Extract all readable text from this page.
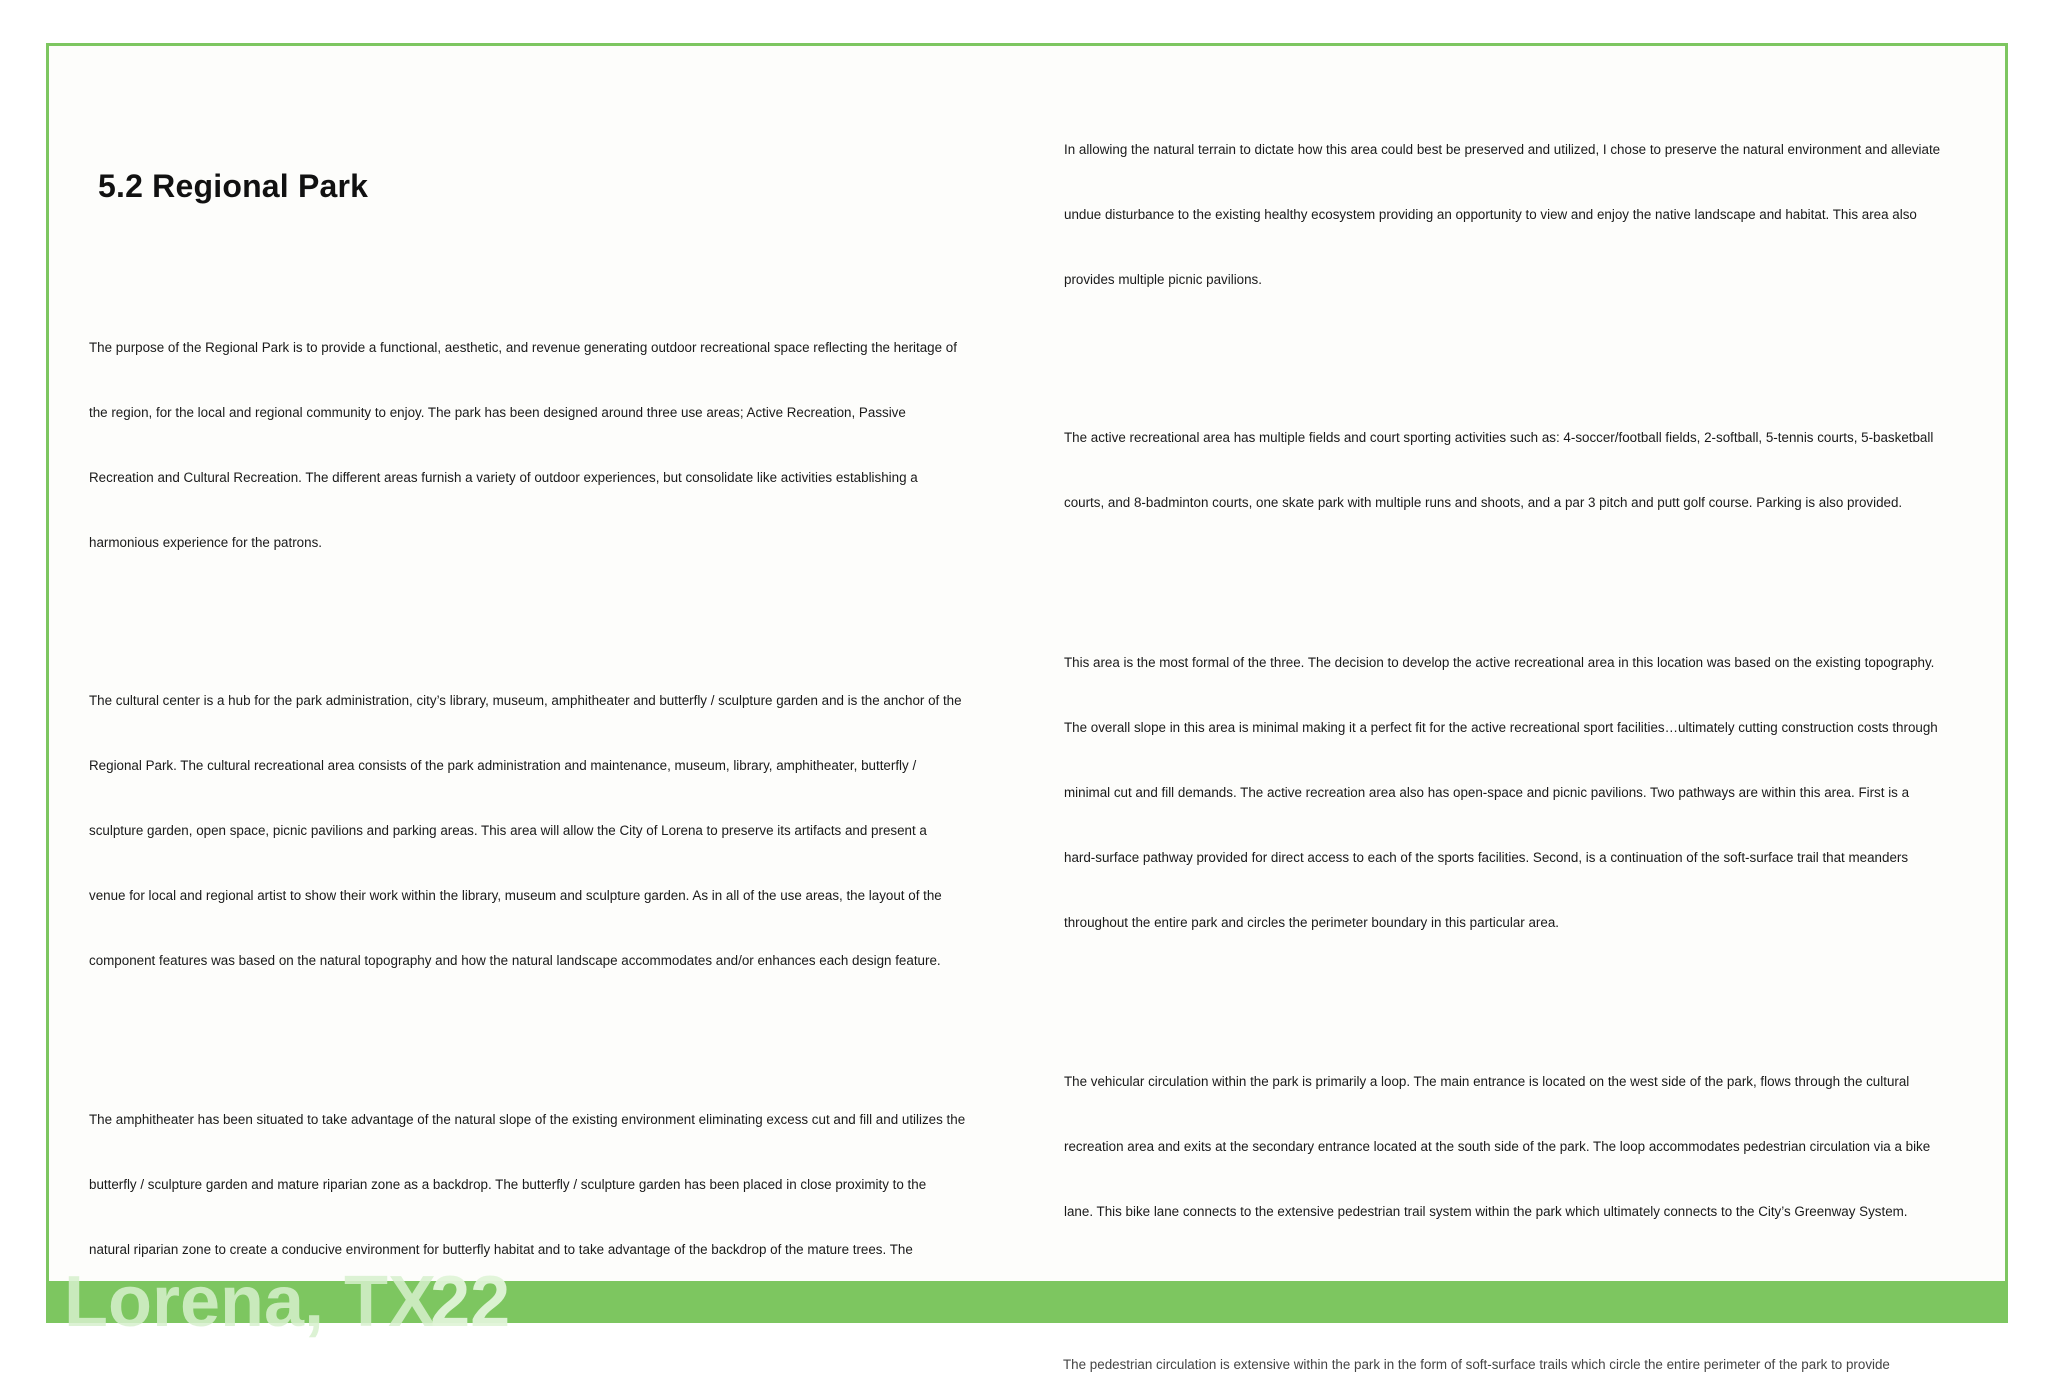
5.2 Regional Park
The purpose of the Regional Park is to provide a functional, aesthetic, and revenue generating outdoor recreational space reflecting the heritage of
the region, for the local and regional community to enjoy. The park has been designed around three use areas; Active Recreation, Passive
Recreation and Cultural Recreation. The different areas furnish a variety of outdoor experiences, but consolidate like activities establishing a
harmonious experience for the patrons.
The cultural center is a hub for the park administration, city’s library, museum, amphitheater and butterfly / sculpture garden and is the anchor of the
Regional Park. The cultural recreational area consists of the park administration and maintenance, museum, library, amphitheater, butterfly /
sculpture garden, open space, picnic pavilions and parking areas. This area will allow the City of Lorena to preserve its artifacts and present a
venue for local and regional artist to show their work within the library, museum and sculpture garden. As in all of the use areas, the layout of the
component features was based on the natural topography and how the natural landscape accommodates and/or enhances each design feature.
The amphitheater has been situated to take advantage of the natural slope of the existing environment eliminating excess cut and fill and utilizes the
butterfly / sculpture garden and mature riparian zone as a backdrop. The butterfly / sculpture garden has been placed in close proximity to the
natural riparian zone to create a conducive environment for butterfly habitat and to take advantage of the backdrop of the mature trees. The
In allowing the natural terrain to dictate how this area could best be preserved and utilized, I chose to preserve the natural environment and alleviate
undue disturbance to the existing healthy ecosystem providing an opportunity to view and enjoy the native landscape and habitat. This area also
provides multiple picnic pavilions.
The active recreational area has multiple fields and court sporting activities such as: 4-soccer/football fields, 2-softball, 5-tennis courts, 5-basketball
courts, and 8-badminton courts, one skate park with multiple runs and shoots, and a par 3 pitch and putt golf course. Parking is also provided.
This area is the most formal of the three. The decision to develop the active recreational area in this location was based on the existing topography.
The overall slope in this area is minimal making it a perfect fit for the active recreational sport facilities…ultimately cutting construction costs through
minimal cut and fill demands. The active recreation area also has open-space and picnic pavilions. Two pathways are within this area. First is a
hard-surface pathway provided for direct access to each of the sports facilities. Second, is a continuation of the soft-surface trail that meanders
throughout the entire park and circles the perimeter boundary in this particular area.
The vehicular circulation within the park is primarily a loop. The main entrance is located on the west side of the park, flows through the cultural
recreation area and exits at the secondary entrance located at the south side of the park. The loop accommodates pedestrian circulation via a bike
lane. This bike lane connects to the extensive pedestrian trail system within the park which ultimately connects to the City’s Greenway System.
Lorena, TX22
The pedestrian circulation is extensive within the park in the form of soft-surface trails which circle the entire perimeter of the park to provide
